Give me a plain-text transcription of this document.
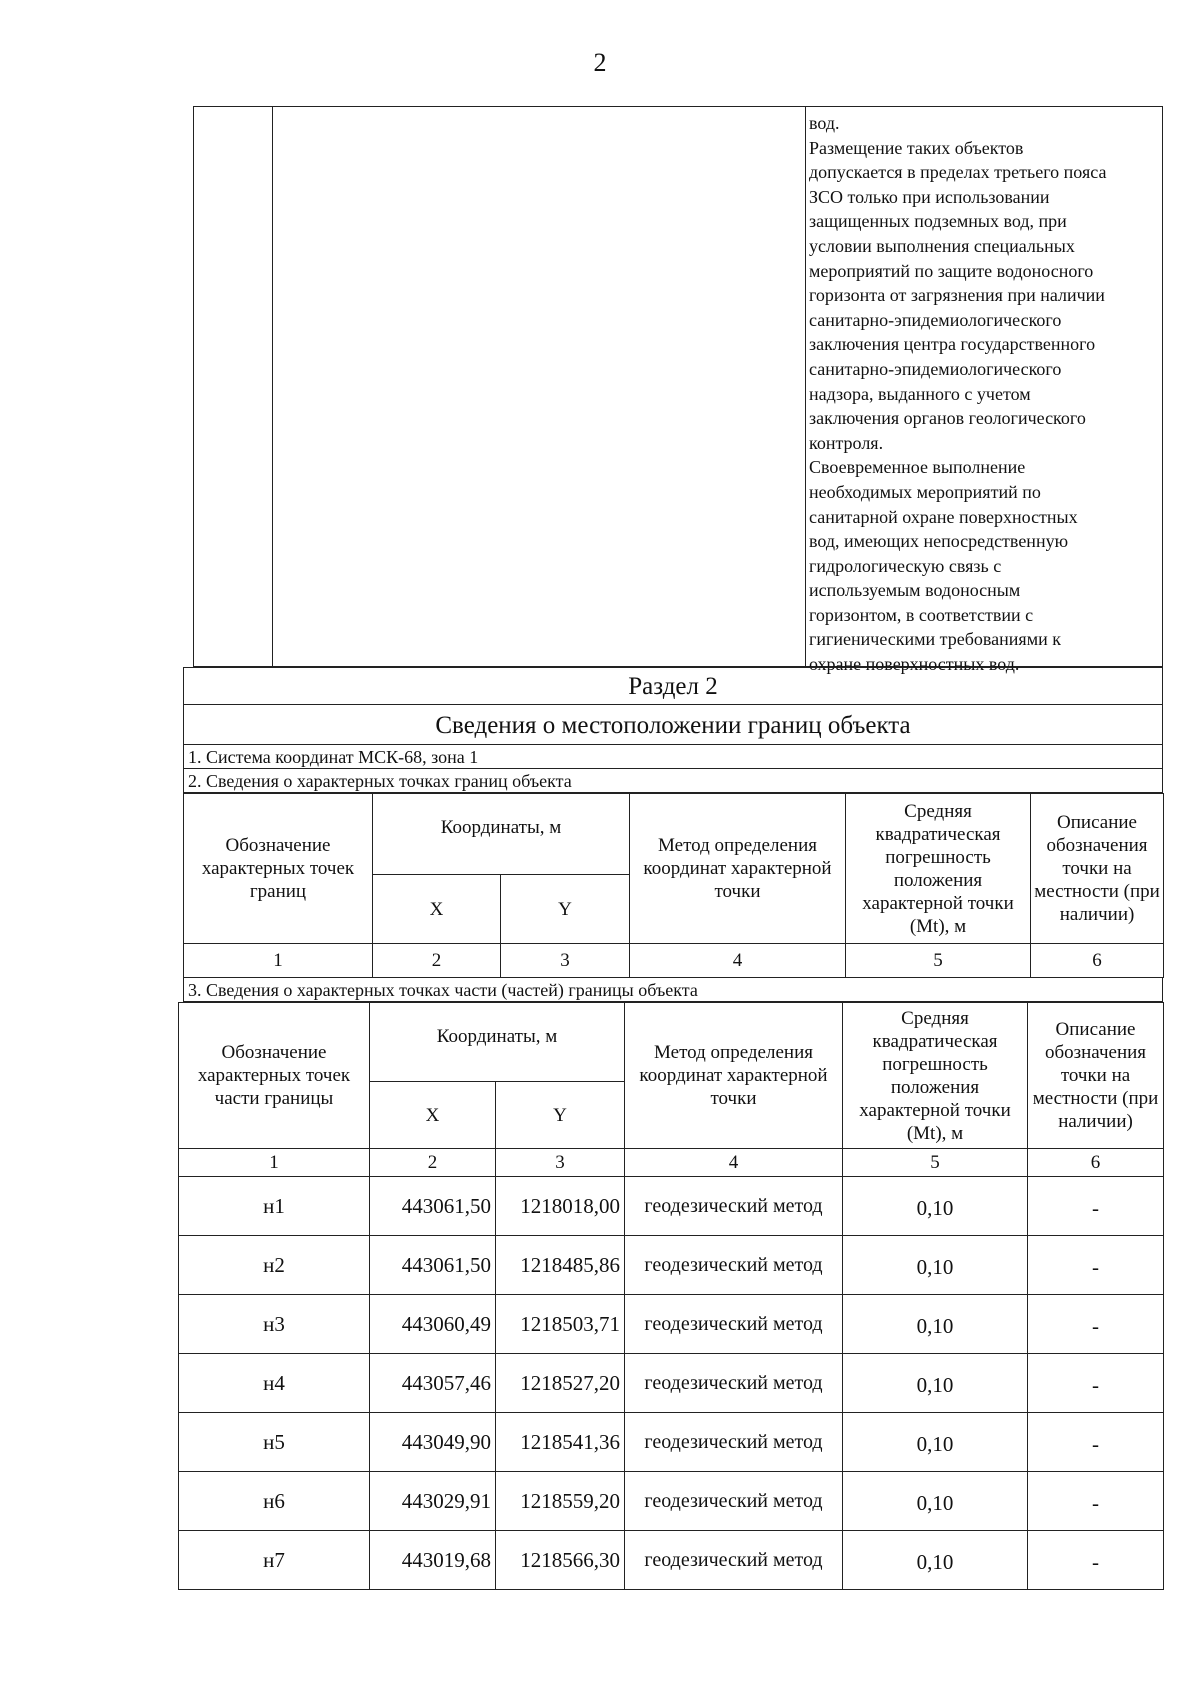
2
вод.
Размещение таких объектов
допускается в пределах третьего пояса
ЗСО только при использовании
защищенных подземных вод, при
условии выполнения специальных
мероприятий по защите водоносного
горизонта от загрязнения при наличии
санитарно-эпидемиологического
заключения центра государственного
санитарно-эпидемиологического
надзора, выданного с учетом
заключения органов геологического
контроля.
Своевременное выполнение
необходимых мероприятий по
санитарной охране поверхностных
вод, имеющих непосредственную
гидрологическую связь с
используемым водоносным
горизонтом, в соответствии с
гигиеническими требованиями к
охране поверхностных вод.
Раздел 2
Сведения о местоположении границ объекта
1. Система координат МСК-68, зона 1
2. Сведения о характерных точках границ объекта
Обозначение характерных точек границ	Координаты, м		Метод определения координат характерной точки	Средняя квадратическая погрешность положения характерной точки (Mt), м	Описание обозначения точки на местности (при наличии)
	X	Y			
1	2	3	4	5	6
3. Сведения о характерных точках части (частей) границы объекта
Обозначение характерных точек части границы	Координаты, м		Метод определения координат характерной точки	Средняя квадратическая погрешность положения характерной точки (Mt), м	Описание обозначения точки на местности (при наличии)
	X	Y			
1	2	3	4	5	6
н1	443061,50	1218018,00	геодезический метод	0,10	-
н2	443061,50	1218485,86	геодезический метод	0,10	-
н3	443060,49	1218503,71	геодезический метод	0,10	-
н4	443057,46	1218527,20	геодезический метод	0,10	-
н5	443049,90	1218541,36	геодезический метод	0,10	-
н6	443029,91	1218559,20	геодезический метод	0,10	-
н7	443019,68	1218566,30	геодезический метод	0,10	-
